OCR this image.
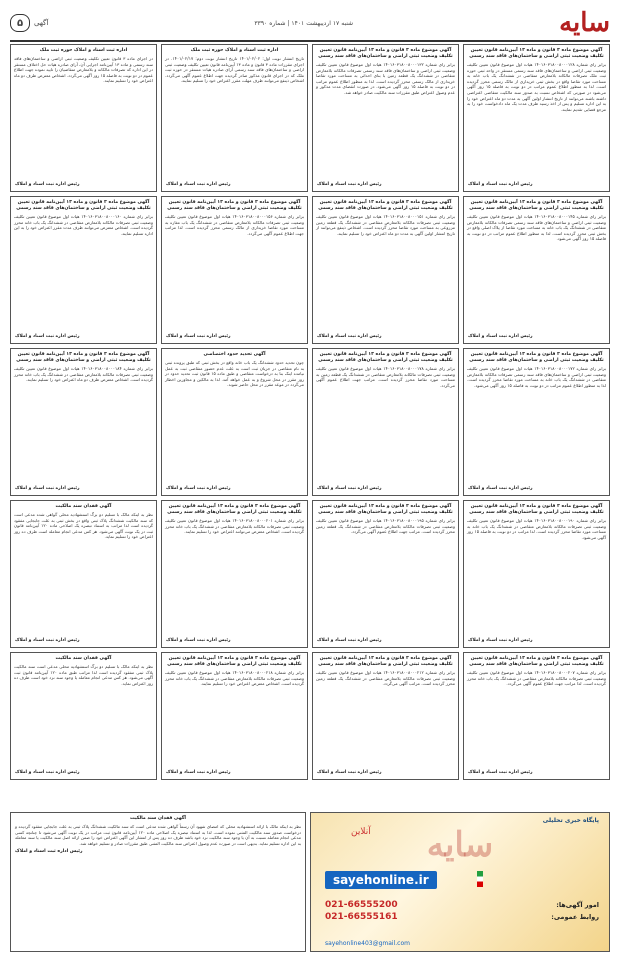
سایه
شنبه ۱۷ اردیبهشت ۱۴۰۱ | شماره ۳۳۹۰
آگهی
۵
آگهی موضوع ماده ۳ قانون و ماده ۱۳ آیین‌نامه قانون تعیین تکلیف وضعیت ثبتی اراضی و ساختمان‌های فاقد سند رسمی
برابر رای شماره ۱۴۰۱۶۰۳۱۸۰۰۸۰۰۰۱۲۸ هیات اول موضوع قانون تعیین تکلیف وضعیت ثبتی اراضی و ساختمان‌های فاقد سند رسمی مستقر در واحد ثبتی حوزه ثبت ملک تصرفات مالکانه بلامعارض متقاضی در ششدانگ یک باب خانه به مساحت مورد تقاضا واقع در بخش ثبتی خریداری از مالک رسمی محرز گردیده است. لذا به منظور اطلاع عموم مراتب در دو نوبت به فاصله ۱۵ روز آگهی می‌شود در صورتی که اشخاص نسبت به صدور سند مالکیت متقاضی اعتراضی داشته باشند می‌توانند از تاریخ انتشار اولین آگهی به مدت دو ماه اعتراض خود را به این اداره تسلیم و پس از اخذ رسید ظرف مدت یک ماه دادخواست خود را به مرجع قضایی تقدیم نمایند.
رئیس اداره ثبت اسناد و املاک
آگهی موضوع ماده ۳ قانون و ماده ۱۳ آیین‌نامه قانون تعیین تکلیف وضعیت ثبتی اراضی و ساختمان‌های فاقد سند رسمی
برابر رای شماره ۱۴۰۱۶۰۳۱۸۰۰۸۰۰۰۱۳۲ هیات اول موضوع قانون تعیین تکلیف وضعیت ثبتی اراضی و ساختمان‌های فاقد سند رسمی تصرفات مالکانه بلامعارض متقاضی در ششدانگ یک قطعه زمین با بنای احداثی به مساحت مورد تقاضا خریداری از مالک رسمی محرز گردیده است. لذا به منظور اطلاع عموم مراتب در دو نوبت به فاصله ۱۵ روز آگهی می‌شود. در صورت انقضای مدت مذکور و عدم وصول اعتراض طبق مقررات سند مالکیت صادر خواهد شد.
رئیس اداره ثبت اسناد و املاک
اداره ثبت اسناد و املاک حوزه ثبت ملک
تاریخ انتشار نوبت اول: ۱۴۰۱/۰۲/۰۲ تاریخ انتشار نوبت دوم: ۱۴۰۱/۰۲/۱۷. در اجرای مقررات ماده ۳ قانون و ماده ۱۳ آیین‌نامه قانون تعیین تکلیف وضعیت ثبتی اراضی و ساختمان‌های فاقد سند رسمی آرای صادره هیات مستقر در حوزه ثبت ملک که در اجرای قانون مذکور صادر گردیده جهت اطلاع عموم آگهی می‌گردد. اشخاص ذینفع می‌توانند ظرف مهلت مقرر اعتراض خود را تسلیم نمایند.
رئیس اداره ثبت اسناد و املاک
اداره ثبت اسناد و املاک حوزه ثبت ملک
در اجرای ماده ۳ قانون تعیین تکلیف وضعیت ثبتی اراضی و ساختمان‌های فاقد سند رسمی و ماده ۱۳ آیین‌نامه اجرایی آن، آرای صادره هیات حل اختلاف مستقر در این اداره که تصرفات مالکانه و بلامعارض متقاضیان را تایید نموده جهت اطلاع عموم در دو نوبت به فاصله ۱۵ روز آگهی می‌گردد. اشخاص معترض ظرف دو ماه اعتراض خود را تسلیم نمایند.
رئیس اداره ثبت اسناد و املاک
آگهی موضوع ماده ۳ قانون و ماده ۱۳ آیین‌نامه قانون تعیین تکلیف وضعیت ثبتی اراضی و ساختمان‌های فاقد سند رسمی
برابر رای شماره ۱۴۰۱۶۰۳۱۸۰۰۸۰۰۰۱۴۵ هیات اول موضوع قانون تعیین تکلیف وضعیت ثبتی اراضی و ساختمان‌های فاقد سند رسمی تصرفات مالکانه بلامعارض متقاضی در ششدانگ یک باب خانه به مساحت مورد تقاضا از پلاک اصلی واقع در بخش ثبتی محرز گردیده است. لذا به منظور اطلاع عموم مراتب در دو نوبت به فاصله ۱۵ روز آگهی می‌شود.
رئیس اداره ثبت اسناد و املاک
آگهی موضوع ماده ۳ قانون و ماده ۱۳ آیین‌نامه قانون تعیین تکلیف وضعیت ثبتی اراضی و ساختمان‌های فاقد سند رسمی
برابر رای شماره ۱۴۰۱۶۰۳۱۸۰۰۸۰۰۰۱۵۱ هیات اول موضوع قانون تعیین تکلیف وضعیت ثبتی تصرفات مالکانه بلامعارض متقاضی در ششدانگ یک قطعه زمین مزروعی به مساحت مورد تقاضا محرز گردیده است. اشخاص ذینفع می‌توانند از تاریخ انتشار اولین آگهی به مدت دو ماه اعتراض خود را تسلیم نمایند.
رئیس اداره ثبت اسناد و املاک
آگهی موضوع ماده ۳ قانون و ماده ۱۳ آیین‌نامه قانون تعیین تکلیف وضعیت ثبتی اراضی و ساختمان‌های فاقد سند رسمی
برابر رای شماره ۱۴۰۱۶۰۳۱۸۰۰۸۰۰۰۱۵۶ هیات اول موضوع قانون تعیین تکلیف وضعیت ثبتی تصرفات مالکانه بلامعارض متقاضی در ششدانگ یک باب مغازه به مساحت مورد تقاضا خریداری از مالک رسمی محرز گردیده است. لذا مراتب جهت اطلاع عموم آگهی می‌گردد.
رئیس اداره ثبت اسناد و املاک
آگهی موضوع ماده ۳ قانون و ماده ۱۳ آیین‌نامه قانون تعیین تکلیف وضعیت ثبتی اراضی و ساختمان‌های فاقد سند رسمی
برابر رای شماره ۱۴۰۱۶۰۳۱۸۰۰۸۰۰۰۱۶۰ هیات اول موضوع قانون تعیین تکلیف وضعیت ثبتی تصرفات مالکانه بلامعارض متقاضی در ششدانگ یک باب خانه محرز گردیده است. اشخاص معترض می‌توانند ظرف مدت مقرر اعتراض خود را به این اداره تسلیم نمایند.
رئیس اداره ثبت اسناد و املاک
آگهی موضوع ماده ۳ قانون و ماده ۱۳ آیین‌نامه قانون تعیین تکلیف وضعیت ثبتی اراضی و ساختمان‌های فاقد سند رسمی
برابر رای شماره ۱۴۰۱۶۰۳۱۸۰۰۸۰۰۰۱۷۲ هیات اول موضوع قانون تعیین تکلیف وضعیت ثبتی اراضی و ساختمان‌های فاقد سند رسمی تصرفات مالکانه بلامعارض متقاضی در ششدانگ یک باب خانه به مساحت مورد تقاضا محرز گردیده است. لذا به منظور اطلاع عموم مراتب در دو نوبت به فاصله ۱۵ روز آگهی می‌شود.
رئیس اداره ثبت اسناد و املاک
آگهی موضوع ماده ۳ قانون و ماده ۱۳ آیین‌نامه قانون تعیین تکلیف وضعیت ثبتی اراضی و ساختمان‌های فاقد سند رسمی
برابر رای شماره ۱۴۰۱۶۰۳۱۸۰۰۸۰۰۰۱۷۸ هیات اول موضوع قانون تعیین تکلیف وضعیت ثبتی تصرفات مالکانه بلامعارض متقاضی در ششدانگ یک قطعه زمین به مساحت مورد تقاضا محرز گردیده است. مراتب جهت اطلاع عموم آگهی می‌گردد.
رئیس اداره ثبت اسناد و املاک
آگهی تحدید حدود اختصاصی
چون تحدید حدود ششدانگ یک باب خانه واقع در بخش ثبتی که طبق پرونده ثبتی به نام متقاضی در جریان ثبت است به علت عدم حضور متقاضی ثبت به عمل نیامده اینک بنا به درخواست متقاضی و طبق ماده ۱۵ قانون ثبت تحدید حدود در روز مقرر در محل شروع و به عمل خواهد آمد. لذا به مالکین و مجاورین اخطار می‌گردد در موعد مقرر در محل حاضر شوند.
رئیس اداره ثبت اسناد و املاک
آگهی موضوع ماده ۳ قانون و ماده ۱۳ آیین‌نامه قانون تعیین تکلیف وضعیت ثبتی اراضی و ساختمان‌های فاقد سند رسمی
برابر رای شماره ۱۴۰۱۶۰۳۱۸۰۰۸۰۰۰۱۸۴ هیات اول موضوع قانون تعیین تکلیف وضعیت ثبتی تصرفات مالکانه بلامعارض متقاضی در ششدانگ یک باب خانه محرز گردیده است. اشخاص معترض ظرف دو ماه اعتراض خود را تسلیم نمایند.
رئیس اداره ثبت اسناد و املاک
آگهی موضوع ماده ۳ قانون و ماده ۱۳ آیین‌نامه قانون تعیین تکلیف وضعیت ثبتی اراضی و ساختمان‌های فاقد سند رسمی
برابر رای شماره ۱۴۰۱۶۰۳۱۸۰۰۸۰۰۰۱۹۰ هیات اول موضوع قانون تعیین تکلیف وضعیت ثبتی تصرفات مالکانه بلامعارض متقاضی در ششدانگ یک باب خانه به مساحت مورد تقاضا محرز گردیده است. لذا مراتب در دو نوبت به فاصله ۱۵ روز آگهی می‌شود.
رئیس اداره ثبت اسناد و املاک
آگهی موضوع ماده ۳ قانون و ماده ۱۳ آیین‌نامه قانون تعیین تکلیف وضعیت ثبتی اراضی و ساختمان‌های فاقد سند رسمی
برابر رای شماره ۱۴۰۱۶۰۳۱۸۰۰۸۰۰۰۱۹۵ هیات اول موضوع قانون تعیین تکلیف وضعیت ثبتی تصرفات مالکانه بلامعارض متقاضی در ششدانگ یک قطعه زمین محرز گردیده است. مراتب جهت اطلاع عموم آگهی می‌گردد.
رئیس اداره ثبت اسناد و املاک
آگهی موضوع ماده ۳ قانون و ماده ۱۳ آیین‌نامه قانون تعیین تکلیف وضعیت ثبتی اراضی و ساختمان‌های فاقد سند رسمی
برابر رای شماره ۱۴۰۱۶۰۳۱۸۰۰۸۰۰۰۲۰۱ هیات اول موضوع قانون تعیین تکلیف وضعیت ثبتی تصرفات مالکانه بلامعارض متقاضی در ششدانگ یک باب خانه محرز گردیده است. اشخاص معترض می‌توانند اعتراض خود را تسلیم نمایند.
رئیس اداره ثبت اسناد و املاک
آگهی فقدان سند مالکیت
نظر به اینکه مالک با تسلیم دو برگ استشهادیه محلی گواهی شده مدعی است که سند مالکیت ششدانگ پلاک ثبتی واقع در بخش ثبتی به علت جابجایی مفقود گردیده است لذا مراتب به استناد تبصره یک اصلاحی ماده ۱۲۰ آیین‌نامه قانون ثبت در یک نوبت آگهی می‌شود. هر کس مدعی انجام معامله است ظرف ده روز اعتراض خود را تسلیم نماید.
رئیس اداره ثبت اسناد و املاک
آگهی موضوع ماده ۳ قانون و ماده ۱۳ آیین‌نامه قانون تعیین تکلیف وضعیت ثبتی اراضی و ساختمان‌های فاقد سند رسمی
برابر رای شماره ۱۴۰۱۶۰۳۱۸۰۰۸۰۰۰۲۰۷ هیات اول موضوع قانون تعیین تکلیف وضعیت ثبتی تصرفات مالکانه بلامعارض متقاضی در ششدانگ یک باب خانه محرز گردیده است. لذا مراتب جهت اطلاع عموم آگهی می‌گردد.
رئیس اداره ثبت اسناد و املاک
آگهی موضوع ماده ۳ قانون و ماده ۱۳ آیین‌نامه قانون تعیین تکلیف وضعیت ثبتی اراضی و ساختمان‌های فاقد سند رسمی
برابر رای شماره ۱۴۰۱۶۰۳۱۸۰۰۸۰۰۰۲۱۲ هیات اول موضوع قانون تعیین تکلیف وضعیت ثبتی تصرفات مالکانه بلامعارض متقاضی در ششدانگ یک قطعه زمین محرز گردیده است. مراتب آگهی می‌گردد.
رئیس اداره ثبت اسناد و املاک
آگهی موضوع ماده ۳ قانون و ماده ۱۳ آیین‌نامه قانون تعیین تکلیف وضعیت ثبتی اراضی و ساختمان‌های فاقد سند رسمی
برابر رای شماره ۱۴۰۱۶۰۳۱۸۰۰۸۰۰۰۲۱۸ هیات اول موضوع قانون تعیین تکلیف وضعیت ثبتی تصرفات مالکانه بلامعارض متقاضی در ششدانگ یک باب خانه محرز گردیده است. اشخاص معترض اعتراض خود را تسلیم نمایند.
رئیس اداره ثبت اسناد و املاک
آگهی فقدان سند مالکیت
نظر به اینکه مالک با تسلیم دو برگ استشهادیه محلی مدعی است سند مالکیت پلاک ثبتی مفقود گردیده است لذا مراتب طبق ماده ۱۲۰ آیین‌نامه قانون ثبت آگهی می‌شود. هر کس مدعی انجام معامله یا وجود سند نزد خود است ظرف ده روز اعتراض نماید.
رئیس اداره ثبت اسناد و املاک
پایگاه خبری تحلیلی
سایه
آنلاین
sayehonline.ir
امور آگهی‌ها:
روابط عمومی:
021-66555200
021-66555161
sayehonline403@gmail.com
آگهی فقدان سند مالکیت
نظر به اینکه مالک با ارائه استشهادیه محلی که امضای شهود آن رسماً گواهی شده مدعی است که سند مالکیت ششدانگ پلاک ثبتی به علت جابجایی مفقود گردیده و درخواست صدور سند مالکیت المثنی نموده است، لذا به استناد تبصره یک اصلاحی ماده ۱۲۰ آیین‌نامه قانون ثبت مراتب در یک نوبت آگهی می‌شود تا چنانچه کسی مدعی انجام معامله نسبت به آن یا وجود سند مالکیت نزد خود باشد ظرف ده روز پس از انتشار این آگهی اعتراض خود را ضمن ارائه اصل سند مالکیت یا سند معامله به این اداره تسلیم نماید. بدیهی است در صورت عدم وصول اعتراض سند مالکیت المثنی طبق مقررات صادر و تسلیم خواهد شد.
رئیس اداره ثبت اسناد و املاک
